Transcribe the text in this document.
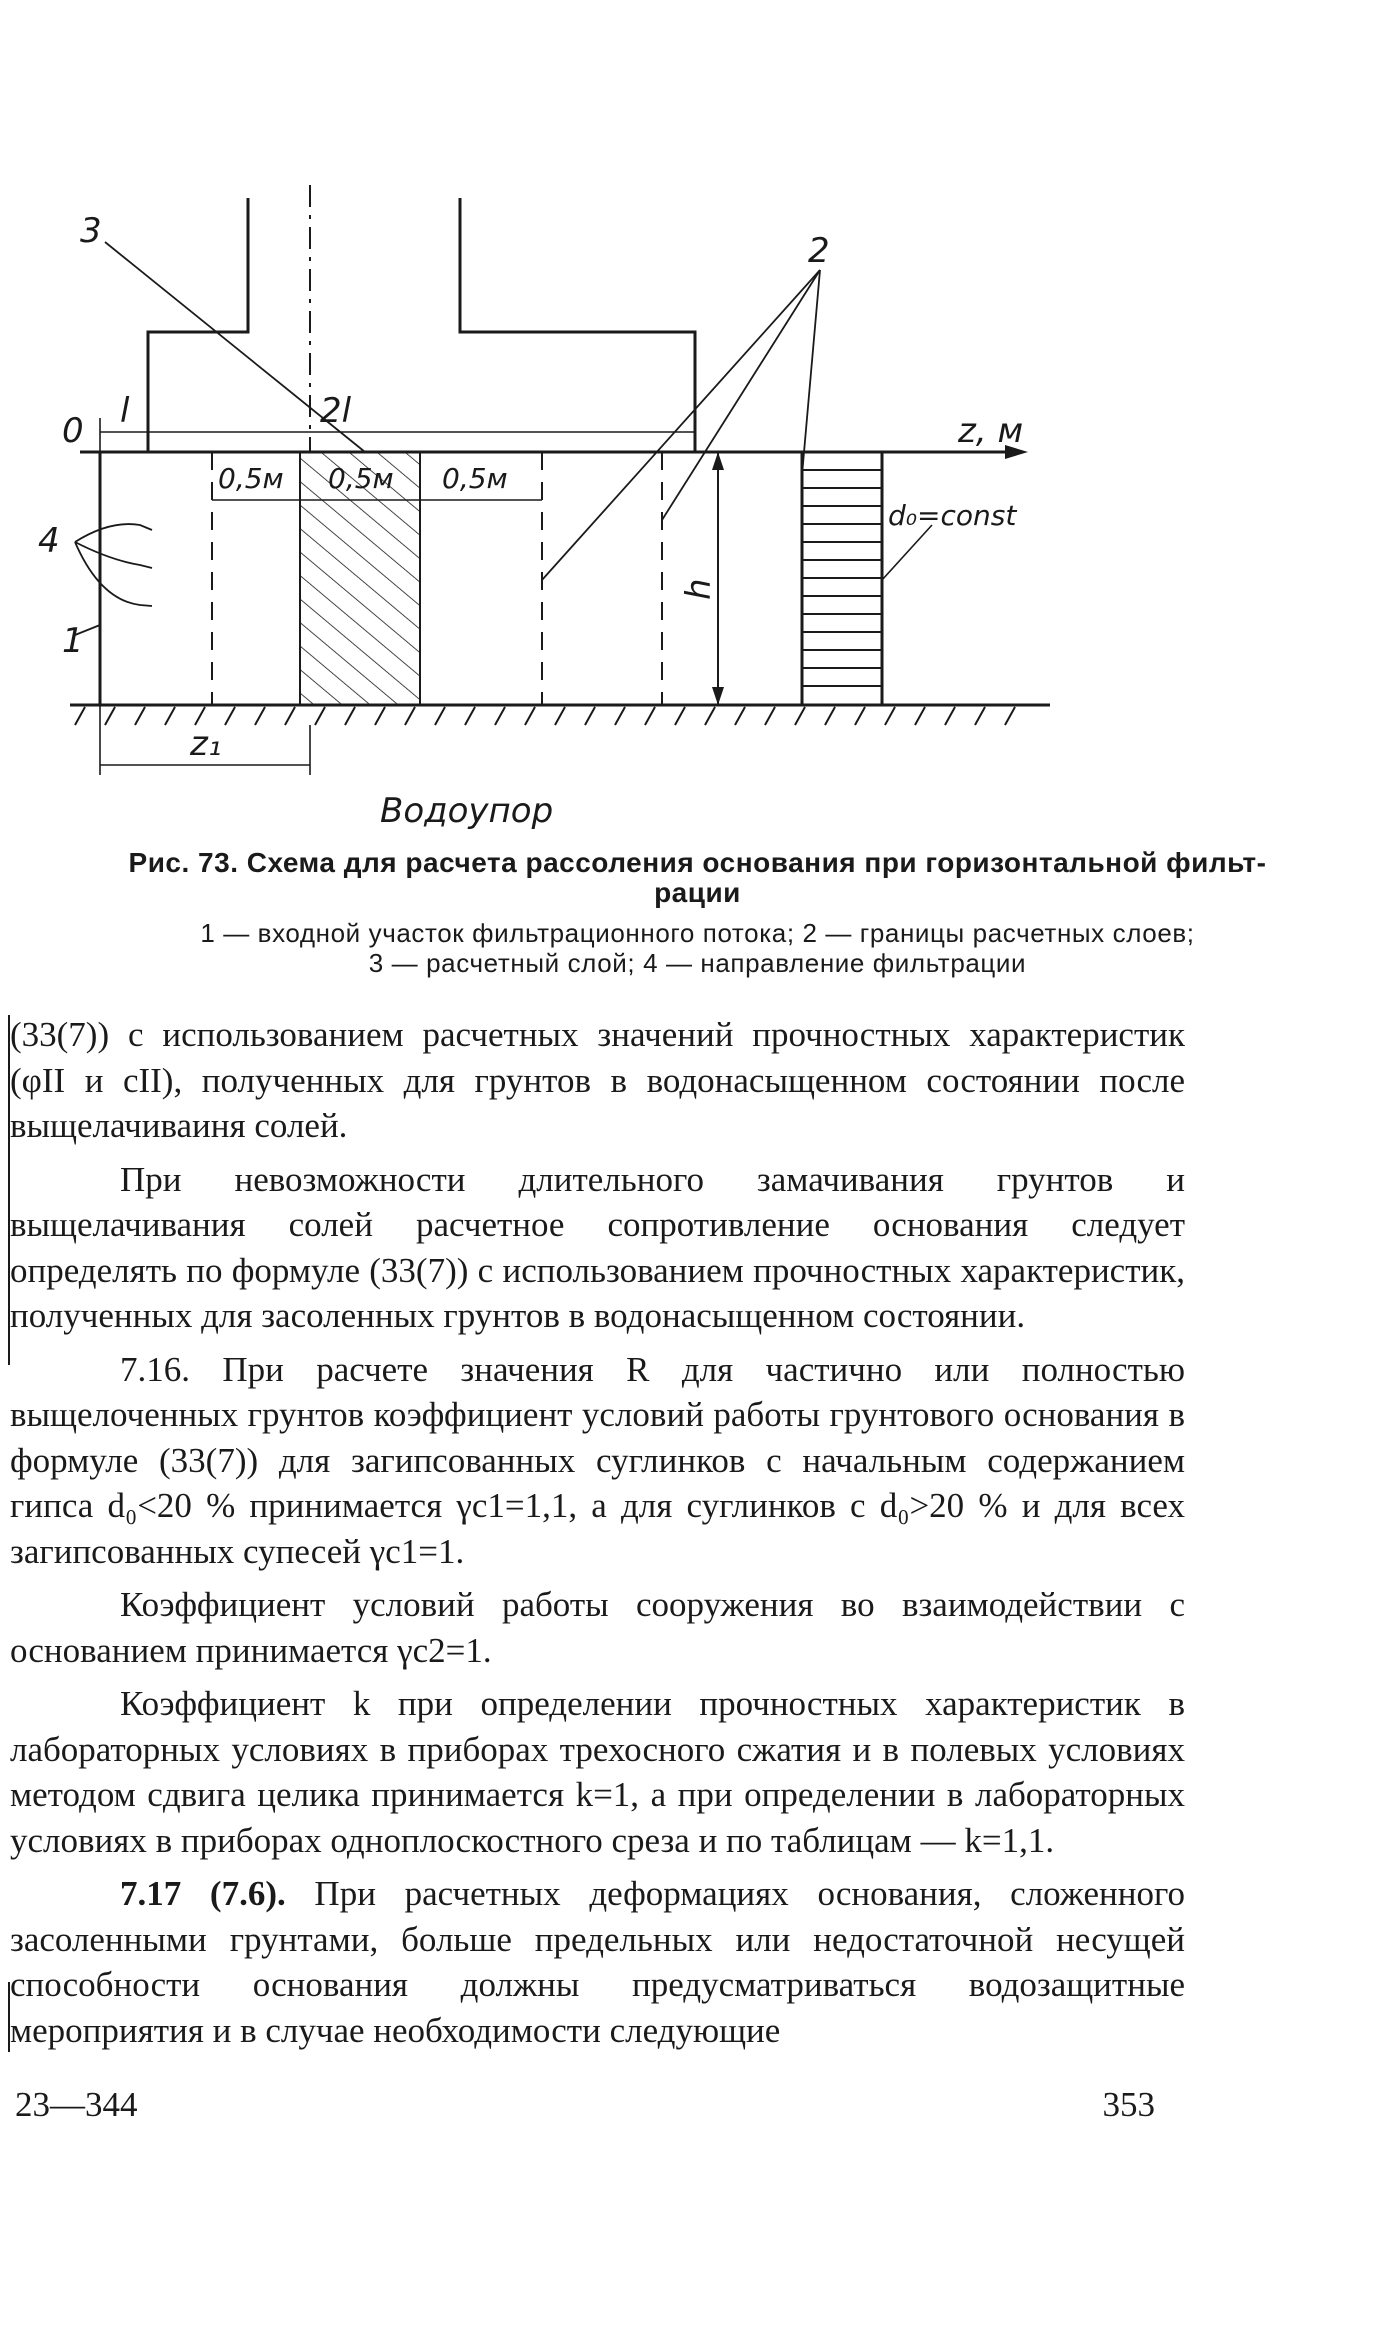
3
l	2l
0
2
z, м
0,5м 0,5м 0,5м
4
d₀=const
h
1
z₁
Водоупор
Рис. 73. Схема для расчета рассоления основания при горизонтальной фильт-
рации
1 — входной участок фильтрационного потока; 2 — границы расчетных слоев;
3 — расчетный слой; 4 — направление фильтрации

(33(7)) с использованием расчетных значений прочностных характеристик (φII и cII), полученных для грунтов в водонасыщенном состоянии после выщелачиваиня солей.

При невозможности длительного замачивания грунтов и выщелачивания солей расчетное сопротивление основания следует определять по формуле (33(7)) с использованием прочностных характеристик, полученных для засоленных грунтов в водонасыщенном состоянии.

7.16. При расчете значения R для частично или полностью выщелоченных грунтов коэффициент условий работы грунтового основания в формуле (33(7)) для загипсованных суглинков с начальным содержанием гипса d₀<20 % принимается γc1=1,1, а для суглинков с d₀>20 % и для всех загипсованных супесей γc1=1.

Коэффициент условий работы сооружения во взаимодействии с основанием принимается γc2=1.

Коэффициент k при определении прочностных характеристик в лабораторных условиях в приборах трехосного сжатия и в полевых условиях методом сдвига целика принимается k=1, а при определении в лабораторных условиях в приборах одноплоскостного среза и по таблицам — k=1,1.

7.17 (7.6). При расчетных деформациях основания, сложенного засоленными грунтами, больше предельных или недостаточной несущей способности основания должны предусматриваться водозащитные мероприятия и в случае необходимости следующие

23—344	353
